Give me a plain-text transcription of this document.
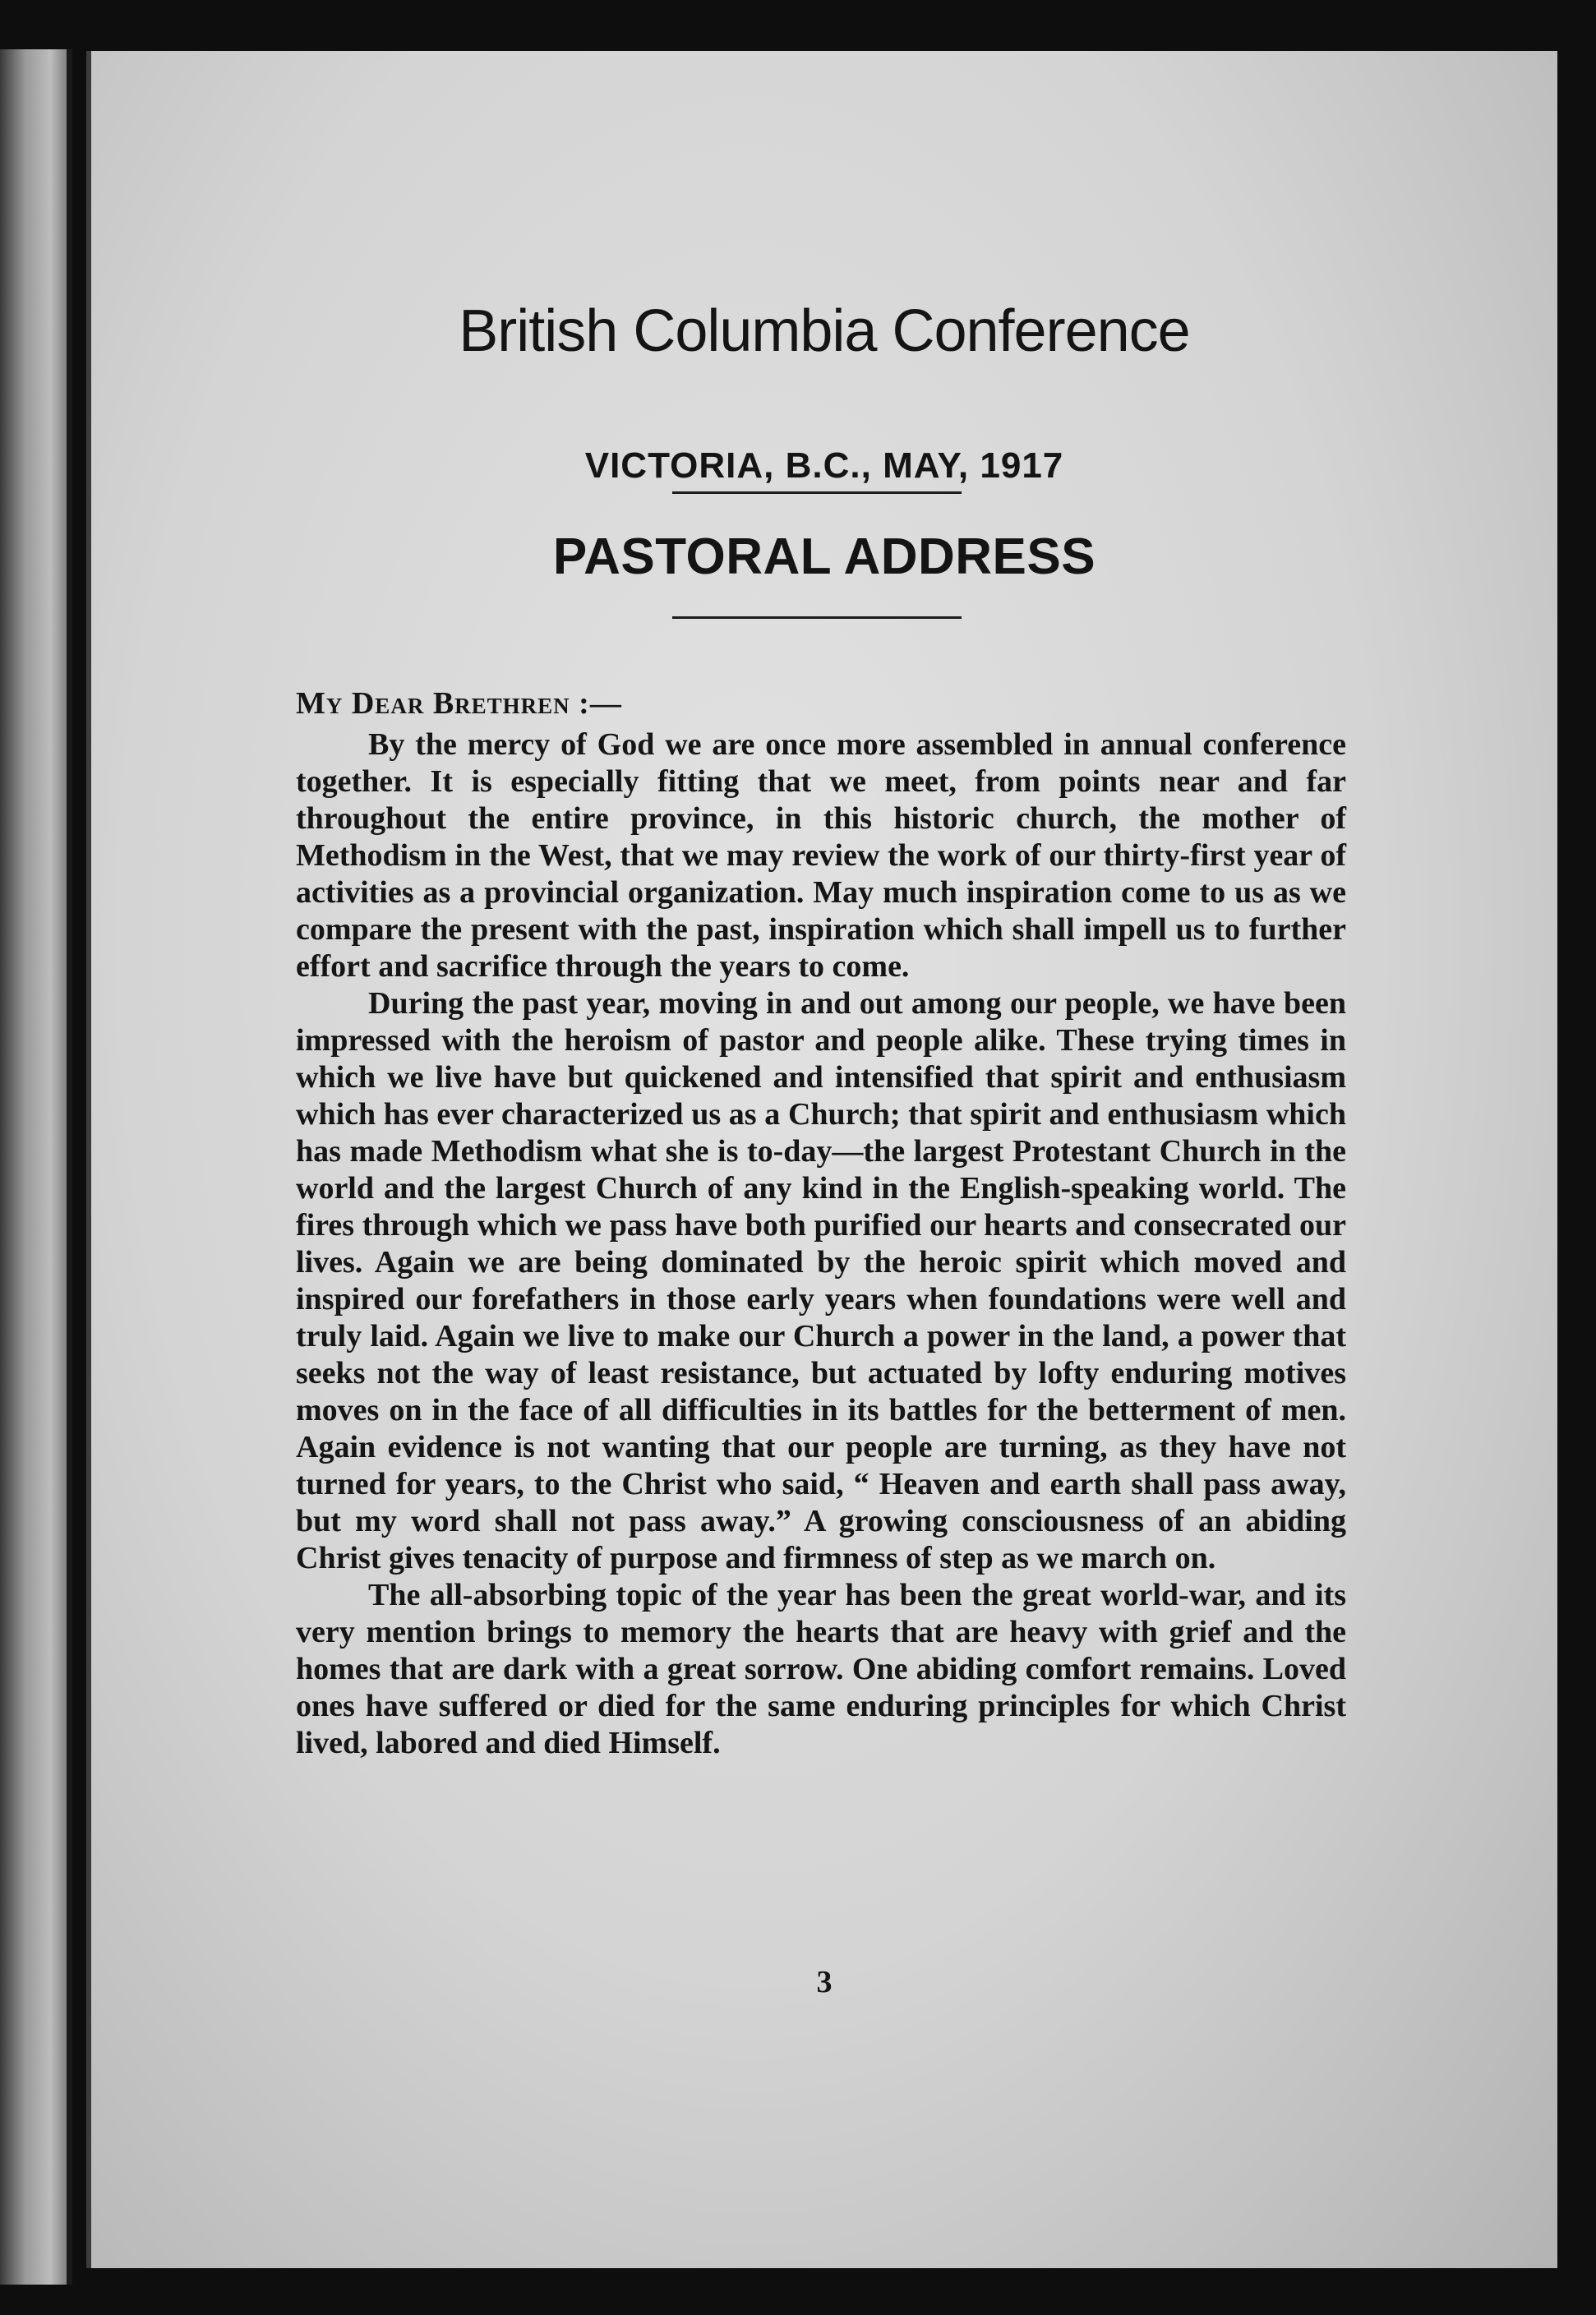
British Columbia Conference
VICTORIA, B.C., MAY, 1917
PASTORAL ADDRESS
My Dear Brethren :—

By the mercy of God we are once more assembled in annual conference together. It is especially fitting that we meet, from points near and far throughout the entire province, in this historic church, the mother of Methodism in the West, that we may review the work of our thirty-first year of activities as a provincial organization. May much inspiration come to us as we compare the present with the past, inspiration which shall impell us to further effort and sacrifice through the years to come.

During the past year, moving in and out among our people, we have been impressed with the heroism of pastor and people alike. These trying times in which we live have but quickened and intensified that spirit and enthusiasm which has ever characterized us as a Church; that spirit and enthusiasm which has made Methodism what she is to-day—the largest Protestant Church in the world and the largest Church of any kind in the English-speaking world. The fires through which we pass have both purified our hearts and consecrated our lives. Again we are being dominated by the heroic spirit which moved and inspired our forefathers in those early years when foundations were well and truly laid. Again we live to make our Church a power in the land, a power that seeks not the way of least resistance, but actuated by lofty enduring motives moves on in the face of all difficulties in its battles for the betterment of men. Again evidence is not wanting that our people are turning, as they have not turned for years, to the Christ who said, “ Heaven and earth shall pass away, but my word shall not pass away.” A growing consciousness of an abiding Christ gives tenacity of purpose and firmness of step as we march on.

The all-absorbing topic of the year has been the great world-war, and its very mention brings to memory the hearts that are heavy with grief and the homes that are dark with a great sorrow. One abiding comfort remains. Loved ones have suffered or died for the same enduring principles for which Christ lived, labored and died Himself.

3
